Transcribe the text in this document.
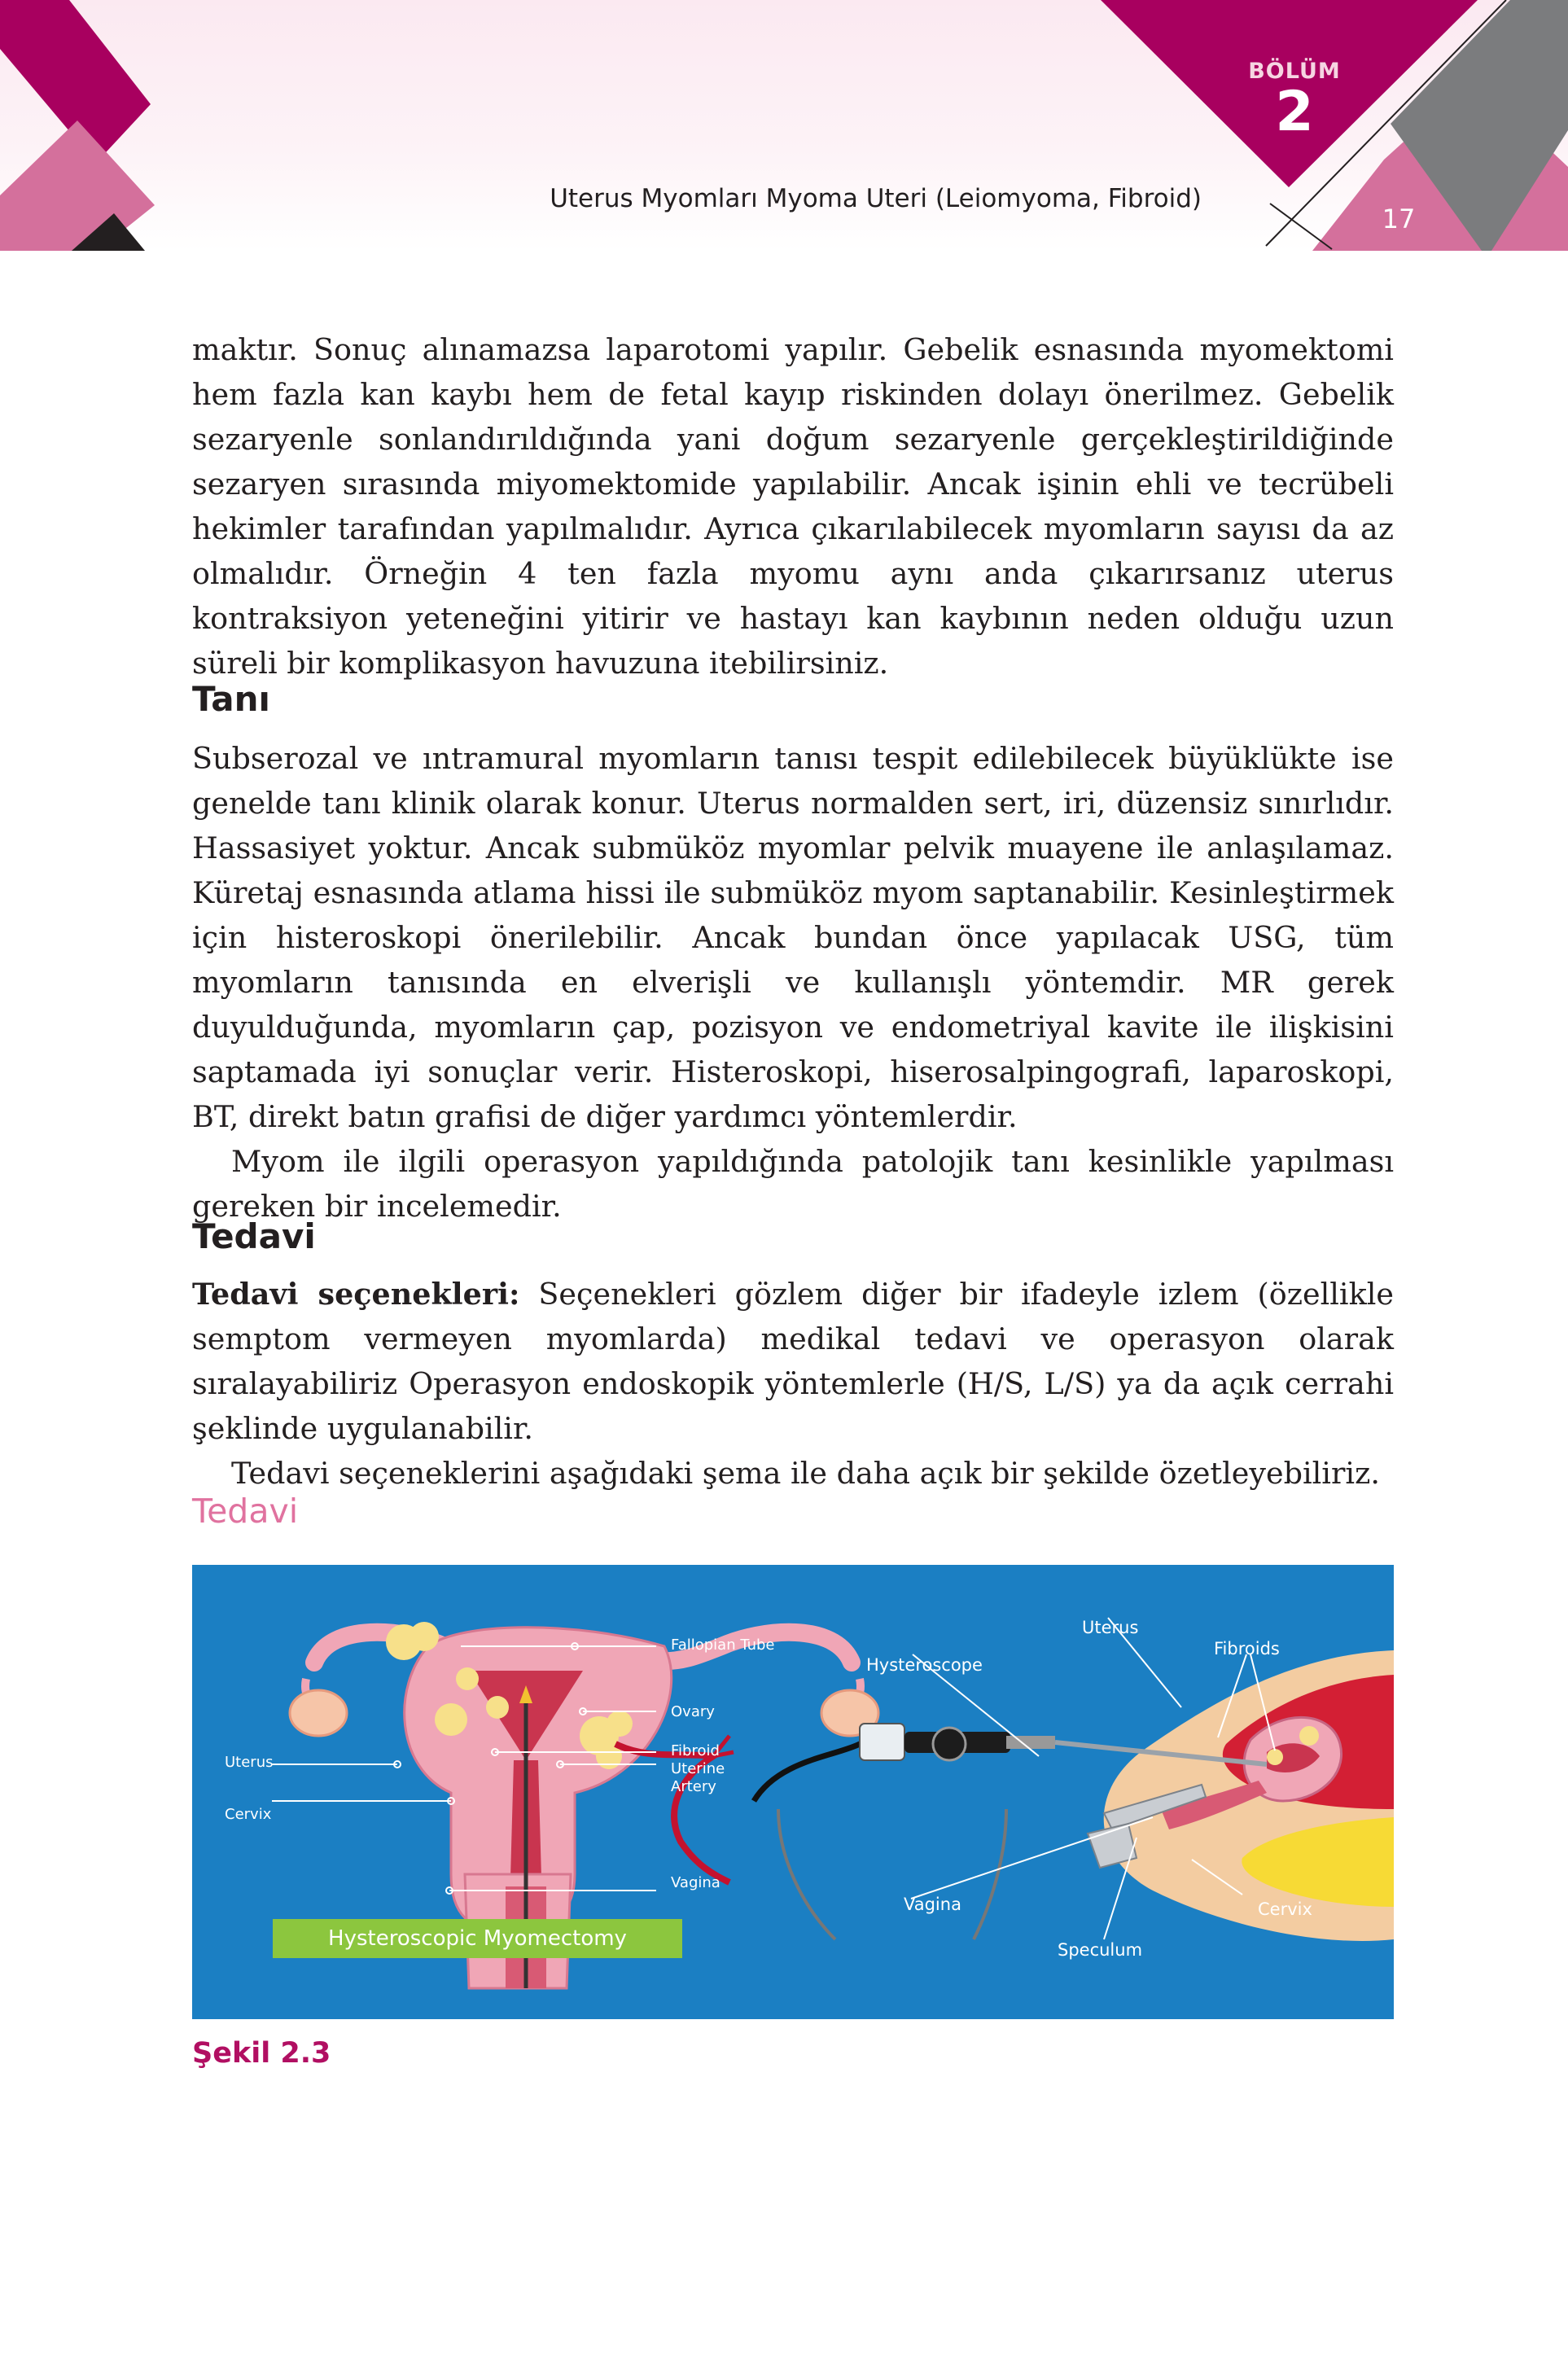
Uterus Myomları Myoma Uteri (Leiomyoma, Fibroid)
BÖLÜM
2
17

maktır. Sonuç alınamazsa laparotomi yapılır. Gebelik esnasında myomektomi hem fazla kan kaybı hem de fetal kayıp riskinden dolayı önerilmez. Gebelik sezaryenle sonlandırıldığında yani doğum sezaryenle gerçekleştirildiğinde sezaryen sırasında miyomektomide yapılabilir. Ancak işinin ehli ve tecrübeli hekimler tarafından yapılmalıdır. Ayrıca çıkarılabilecek myomların sayısı da az olmalıdır. Örneğin 4 ten fazla myomu aynı anda çıkarırsanız uterus kontraksiyon yeteneğini yitirir ve hastayı kan kaybının neden olduğu uzun süreli bir komplikasyon havuzuna itebilirsiniz.

Tanı

Subserozal ve ıntramural myomların tanısı tespit edilebilecek büyüklükte ise genelde tanı klinik olarak konur. Uterus normalden sert, iri, düzensiz sınırlıdır. Hassasiyet yoktur. Ancak submüköz myomlar pelvik muayene ile anlaşılamaz. Küretaj esnasında atlama hissi ile submüköz myom saptanabilir. Kesinleştirmek için histeroskopi önerilebilir. Ancak bundan önce yapılacak USG, tüm myomların tanısında en elverişli ve kullanışlı yöntemdir. MR gerek duyulduğunda, myomların çap, pozisyon ve endometriyal kavite ile ilişkisini saptamada iyi sonuçlar verir. Histeroskopi, hiserosalpingografi, laparoskopi, BT, direkt batın grafisi de diğer yardımcı yöntemlerdir.

Myom ile ilgili operasyon yapıldığında patolojik tanı kesinlikle yapılması gereken bir incelemedir.

Tedavi

Tedavi seçenekleri: Seçenekleri gözlem diğer bir ifadeyle izlem (özellikle semptom vermeyen myomlarda) medikal tedavi ve operasyon olarak sıralayabiliriz Operasyon endoskopik yöntemlerle (H/S, L/S) ya da açık cerrahi şeklinde uygulanabilir.

Tedavi seçeneklerini aşağıdaki şema ile daha açık bir şekilde özetleyebiliriz.

Tedavi
Fallopian Tube
Ovary
Fibroid
Uterine Artery
Uterus
Cervix
Vagina
Hysteroscopic Myomectomy
Hysteroscope
Uterus
Fibroids
Vagina	Cervix
Speculum
Şekil 2.3
